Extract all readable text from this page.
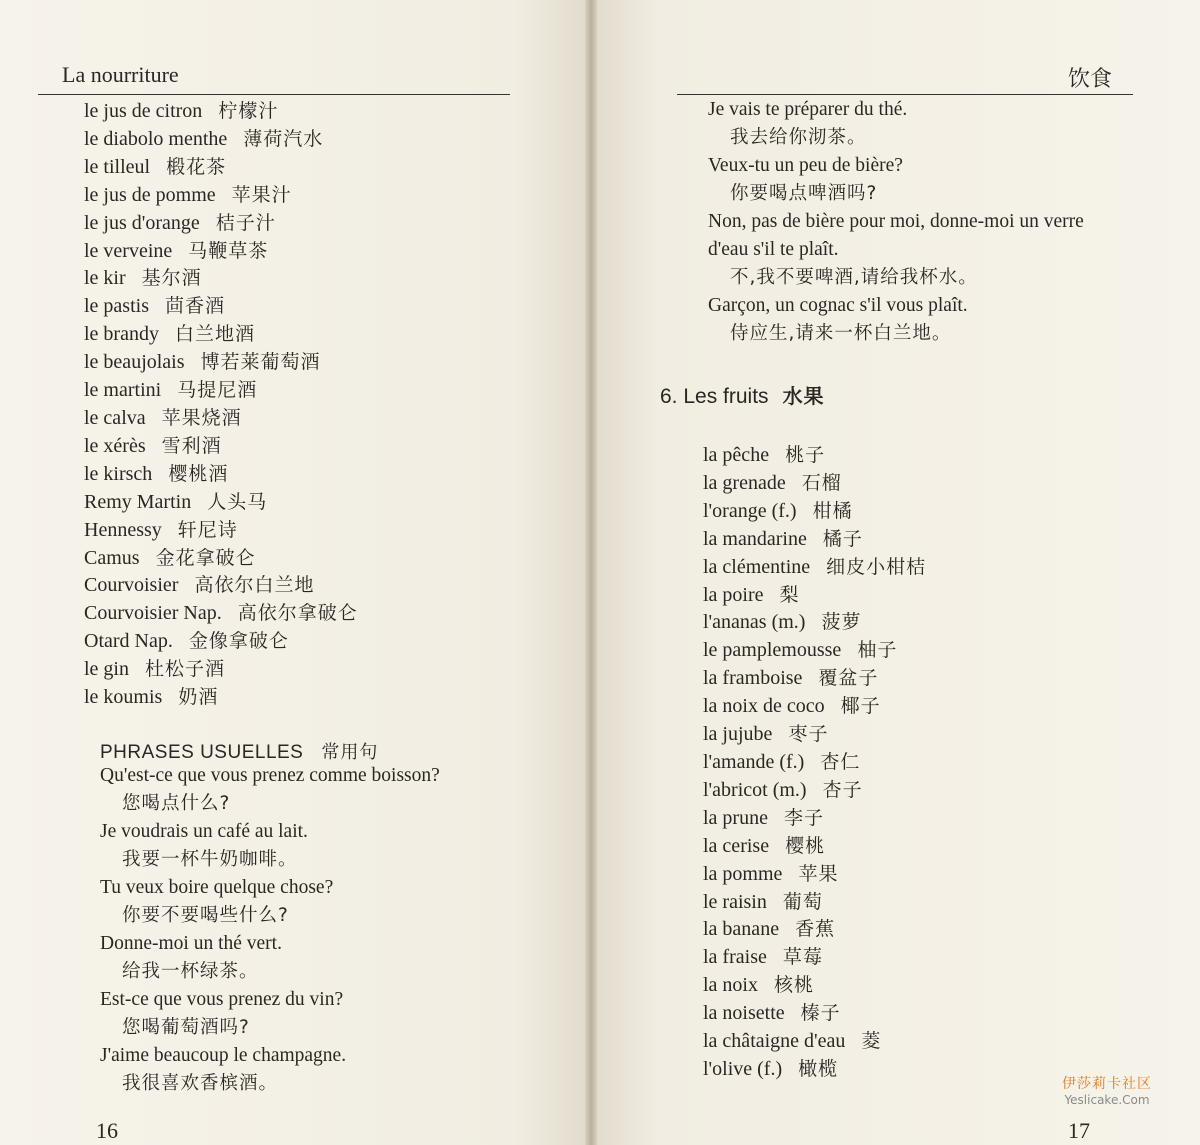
La nourriture
le jus de citron 柠檬汁
le diabolo menthe 薄荷汽水
le tilleul 椴花茶
le jus de pomme 苹果汁
le jus d'orange 桔子汁
le verveine 马鞭草茶
le kir 基尔酒
le pastis 茴香酒
le brandy 白兰地酒
le beaujolais 博若莱葡萄酒
le martini 马提尼酒
le calva 苹果烧酒
le xérès 雪利酒
le kirsch 樱桃酒
Remy Martin 人头马
Hennessy 轩尼诗
Camus 金花拿破仑
Courvoisier 高依尔白兰地
Courvoisier Nap. 高依尔拿破仑
Otard Nap. 金像拿破仑
le gin 杜松子酒
le koumis 奶酒
PHRASES USUELLES 常用句
Qu'est-ce que vous prenez comme boisson?
您喝点什么?
Je voudrais un café au lait.
我要一杯牛奶咖啡。
Tu veux boire quelque chose?
你要不要喝些什么?
Donne-moi un thé vert.
给我一杯绿茶。
Est-ce que vous prenez du vin?
您喝葡萄酒吗?
J'aime beaucoup le champagne.
我很喜欢香槟酒。
16
饮食
Je vais te préparer du thé.
我去给你沏茶。
Veux-tu un peu de bière?
你要喝点啤酒吗?
Non, pas de bière pour moi, donne-moi un verre
d'eau s'il te plaît.
不,我不要啤酒,请给我杯水。
Garçon, un cognac s'il vous plaît.
侍应生,请来一杯白兰地。
6. Les fruits 水果
la pêche 桃子
la grenade 石榴
l'orange (f.) 柑橘
la mandarine 橘子
la clémentine 细皮小柑桔
la poire 梨
l'ananas (m.) 菠萝
le pamplemousse 柚子
la framboise 覆盆子
la noix de coco 椰子
la jujube 枣子
l'amande (f.) 杏仁
l'abricot (m.) 杏子
la prune 李子
la cerise 樱桃
la pomme 苹果
le raisin 葡萄
la banane 香蕉
la fraise 草莓
la noix 核桃
la noisette 榛子
la châtaigne d'eau 菱
l'olive (f.) 橄榄
17
伊莎莉卡社区
Yeslicake.Com
